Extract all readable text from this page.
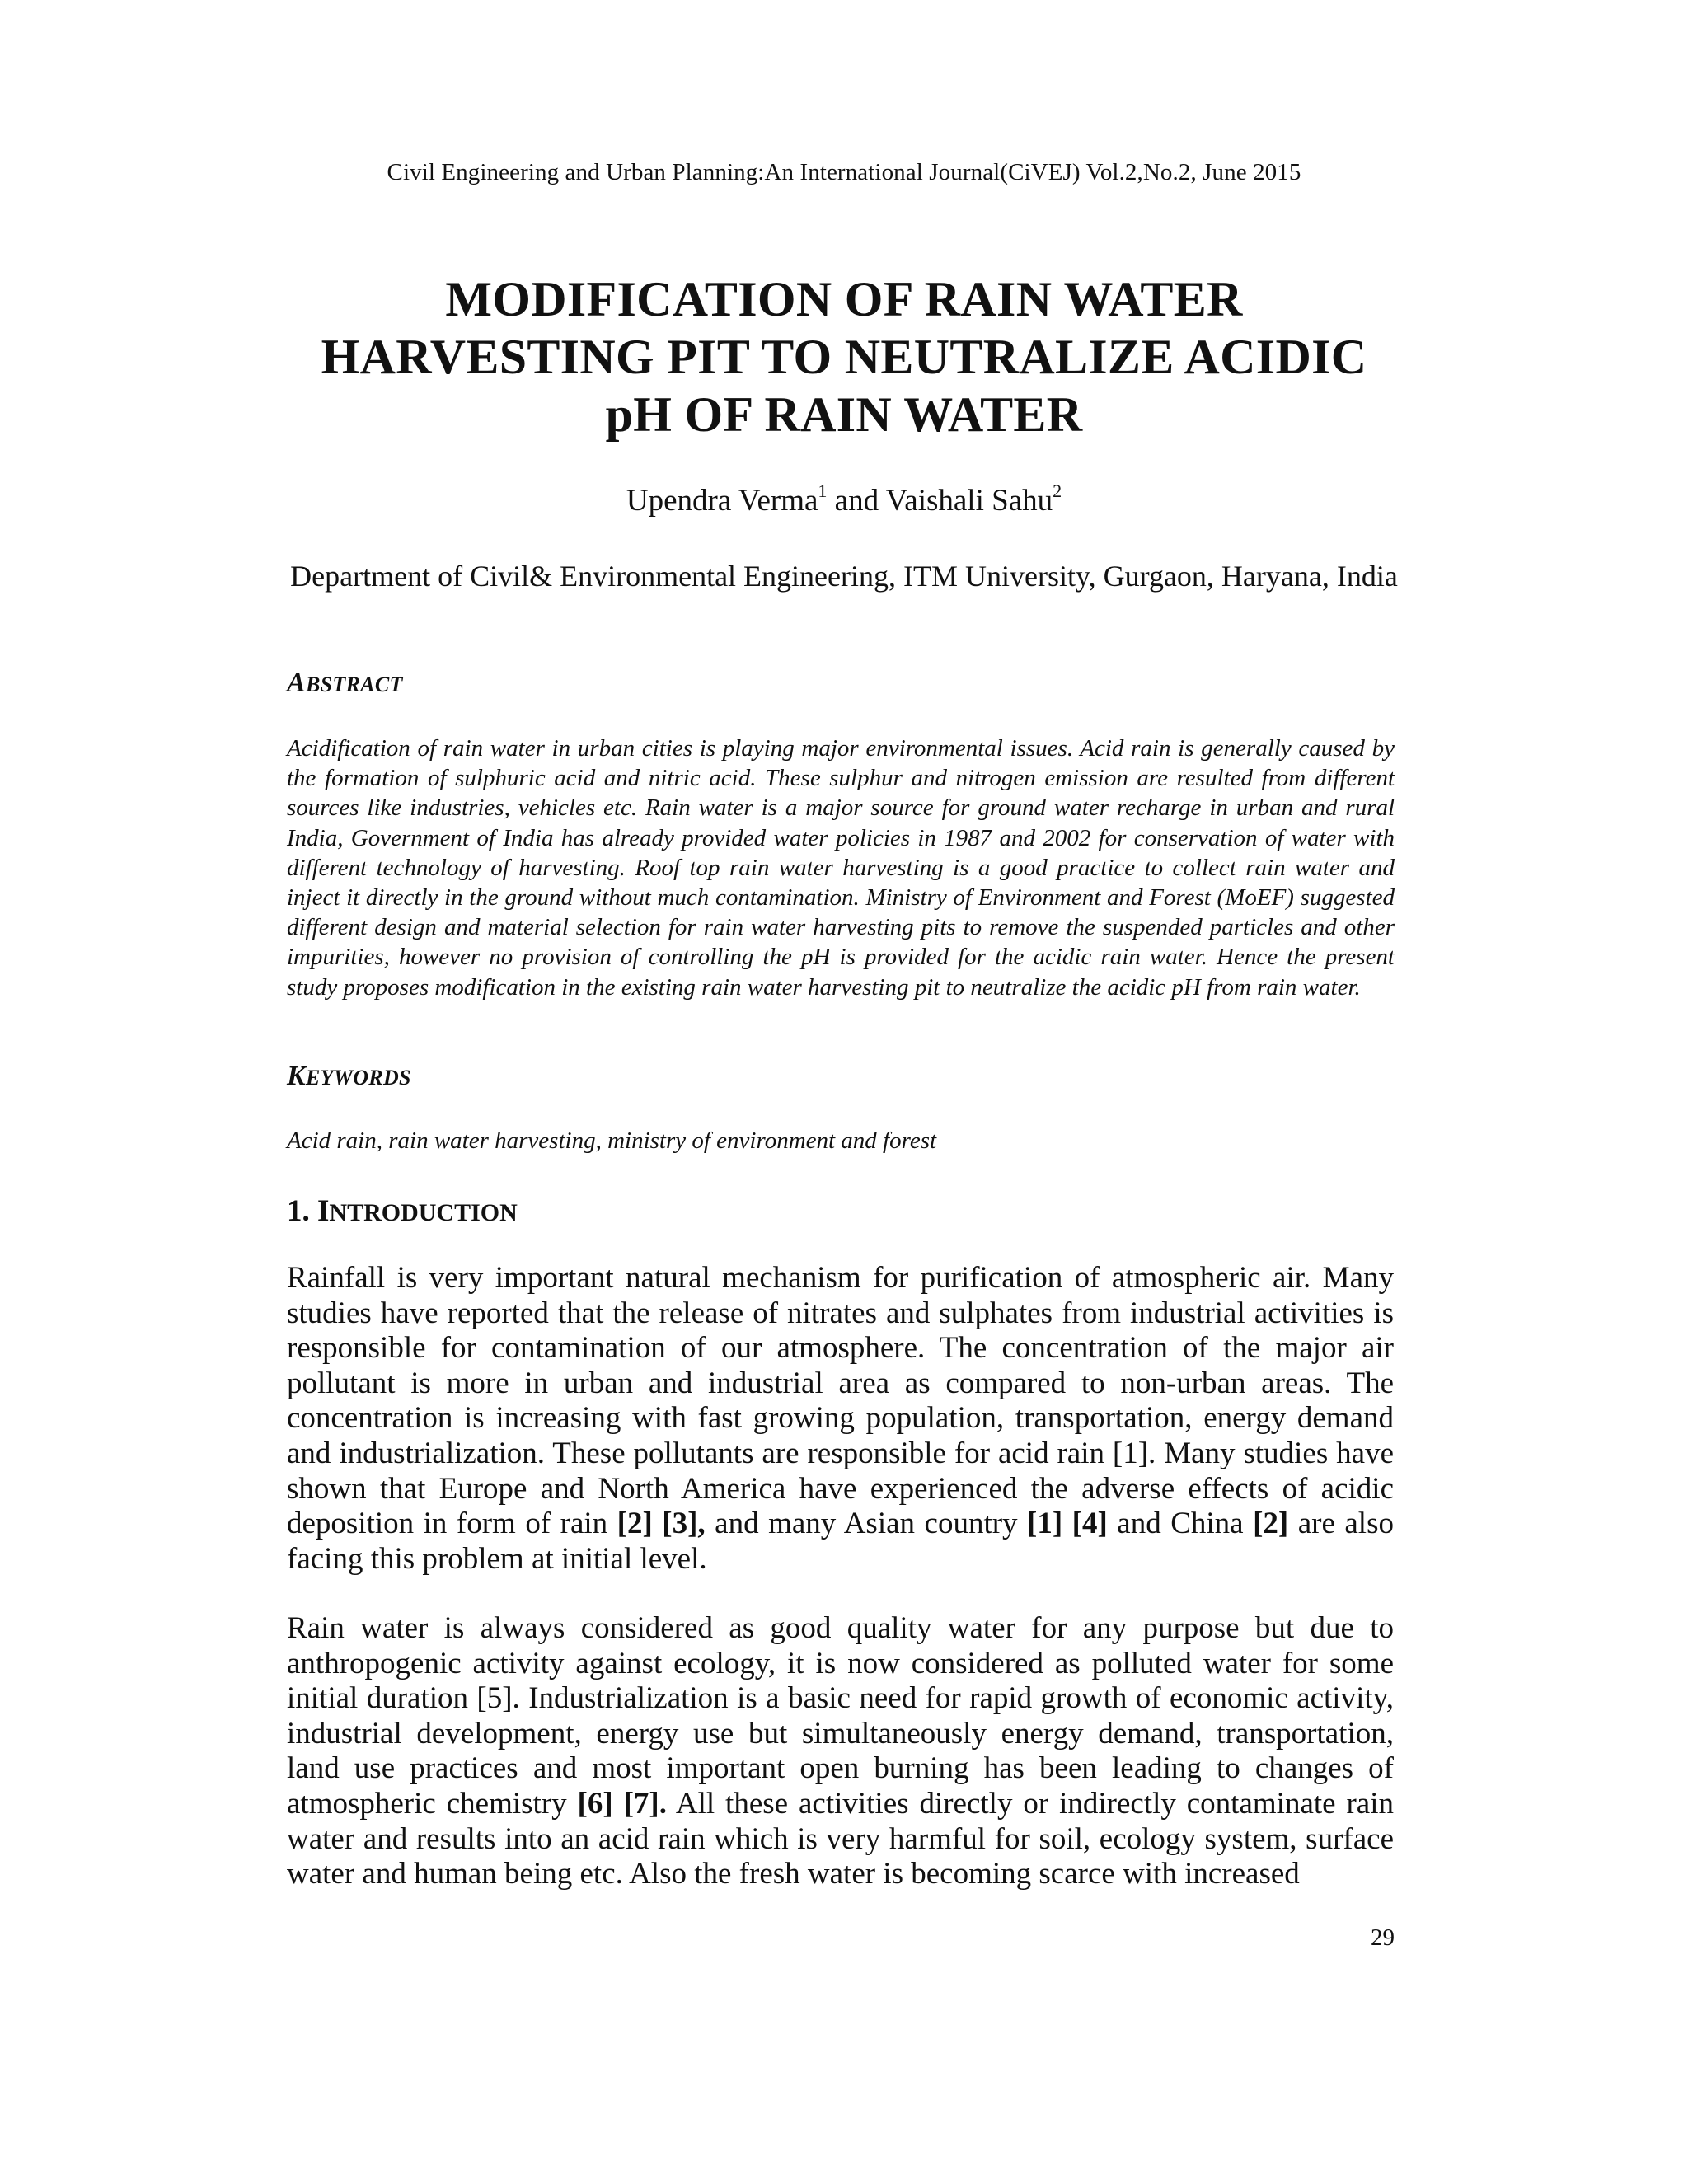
Civil Engineering and Urban Planning:An International Journal(CiVEJ) Vol.2,No.2, June 2015
MODIFICATION OF RAIN WATER
HARVESTING PIT TO NEUTRALIZE ACIDIC
pH OF RAIN WATER
Upendra Verma$^1$ and Vaishali Sahu$^2$
Department of Civil& Environmental Engineering, ITM University, Gurgaon, Haryana, India
ABSTRACT
Acidification of rain water in urban cities is playing major environmental issues. Acid rain is generally caused by the formation of sulphuric acid and nitric acid. These sulphur and nitrogen emission are resulted from different sources like industries, vehicles etc. Rain water is a major source for ground water recharge in urban and rural India, Government of India has already provided water policies in 1987 and 2002 for conservation of water with different technology of harvesting. Roof top rain water harvesting is a good practice to collect rain water and inject it directly in the ground without much contamination. Ministry of Environment and Forest (MoEF) suggested different design and material selection for rain water harvesting pits to remove the suspended particles and other impurities, however no provision of controlling the pH is provided for the acidic rain water. Hence the present study proposes modification in the existing rain water harvesting pit to neutralize the acidic pH from rain water.
KEYWORDS
Acid rain, rain water harvesting, ministry of environment and forest
1. INTRODUCTION
Rainfall is very important natural mechanism for purification of atmospheric air. Many studies have reported that the release of nitrates and sulphates from industrial activities is responsible for contamination of our atmosphere. The concentration of the major air pollutant is more in urban and industrial area as compared to non-urban areas. The concentration is increasing with fast growing population, transportation, energy demand and industrialization. These pollutants are responsible for acid rain [1]. Many studies have shown that Europe and North America have experienced the adverse effects of acidic deposition in form of rain [2] [3], and many Asian country [1] [4] and China [2] are also facing this problem at initial level.
Rain water is always considered as good quality water for any purpose but due to anthropogenic activity against ecology, it is now considered as polluted water for some initial duration [5]. Industrialization is a basic need for rapid growth of economic activity, industrial development, energy use but simultaneously energy demand, transportation, land use practices and most important open burning has been leading to changes of atmospheric chemistry [6] [7]. All these activities directly or indirectly contaminate rain water and results into an acid rain which is very harmful for soil, ecology system, surface water and human being etc. Also the fresh water is becoming scarce with increased
29
